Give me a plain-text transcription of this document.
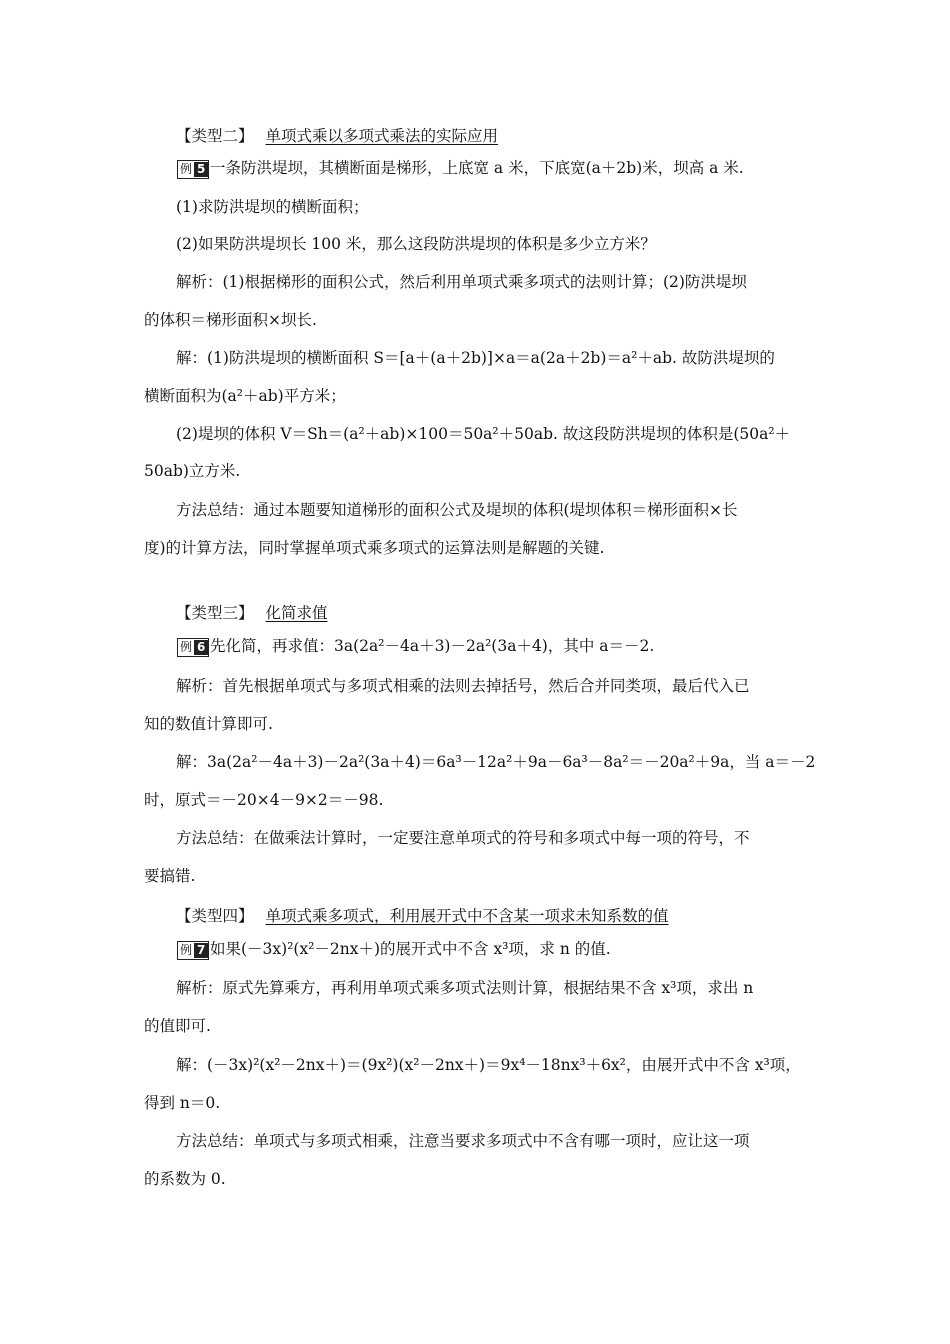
【类型二】 单项式乘以多项式乘法的实际应用
例 5 一条防洪堤坝，其横断面是梯形，上底宽 a 米，下底宽(a＋2b)米，坝高 a 米.
(1)求防洪堤坝的横断面积；
(2)如果防洪堤坝长 100 米，那么这段防洪堤坝的体积是多少立方米？
解析：(1)根据梯形的面积公式，然后利用单项式乘多项式的法则计算；(2)防洪堤坝
的体积＝梯形面积×坝长.
解：(1)防洪堤坝的横断面积 S＝[a＋(a＋2b)]×a＝a(2a＋2b)＝a²＋ab. 故防洪堤坝的
横断面积为(a²＋ab)平方米；
(2)堤坝的体积 V＝Sh＝(a²＋ab)×100＝50a²＋50ab. 故这段防洪堤坝的体积是(50a²＋
50ab)立方米.
方法总结：通过本题要知道梯形的面积公式及堤坝的体积(堤坝体积＝梯形面积×长
度)的计算方法，同时掌握单项式乘多项式的运算法则是解题的关键.
【类型三】 化简求值
例 6 先化简，再求值：3a(2a²－4a＋3)－2a²(3a＋4)，其中 a＝－2.
解析：首先根据单项式与多项式相乘的法则去掉括号，然后合并同类项，最后代入已
知的数值计算即可.
解：3a(2a²－4a＋3)－2a²(3a＋4)＝6a³－12a²＋9a－6a³－8a²＝－20a²＋9a，当 a＝－2
时，原式＝－20×4－9×2＝－98.
方法总结：在做乘法计算时，一定要注意单项式的符号和多项式中每一项的符号，不
要搞错.
【类型四】 单项式乘多项式，利用展开式中不含某一项求未知系数的值
例 7 如果(－3x)²(x²－2nx＋)的展开式中不含 x³项，求 n 的值.
解析：原式先算乘方，再利用单项式乘多项式法则计算，根据结果不含 x³项，求出 n
的值即可.
解：(－3x)²(x²－2nx＋)＝(9x²)(x²－2nx＋)＝9x⁴－18nx³＋6x²，由展开式中不含 x³项，
得到 n＝0.
方法总结：单项式与多项式相乘，注意当要求多项式中不含有哪一项时，应让这一项
的系数为 0.
